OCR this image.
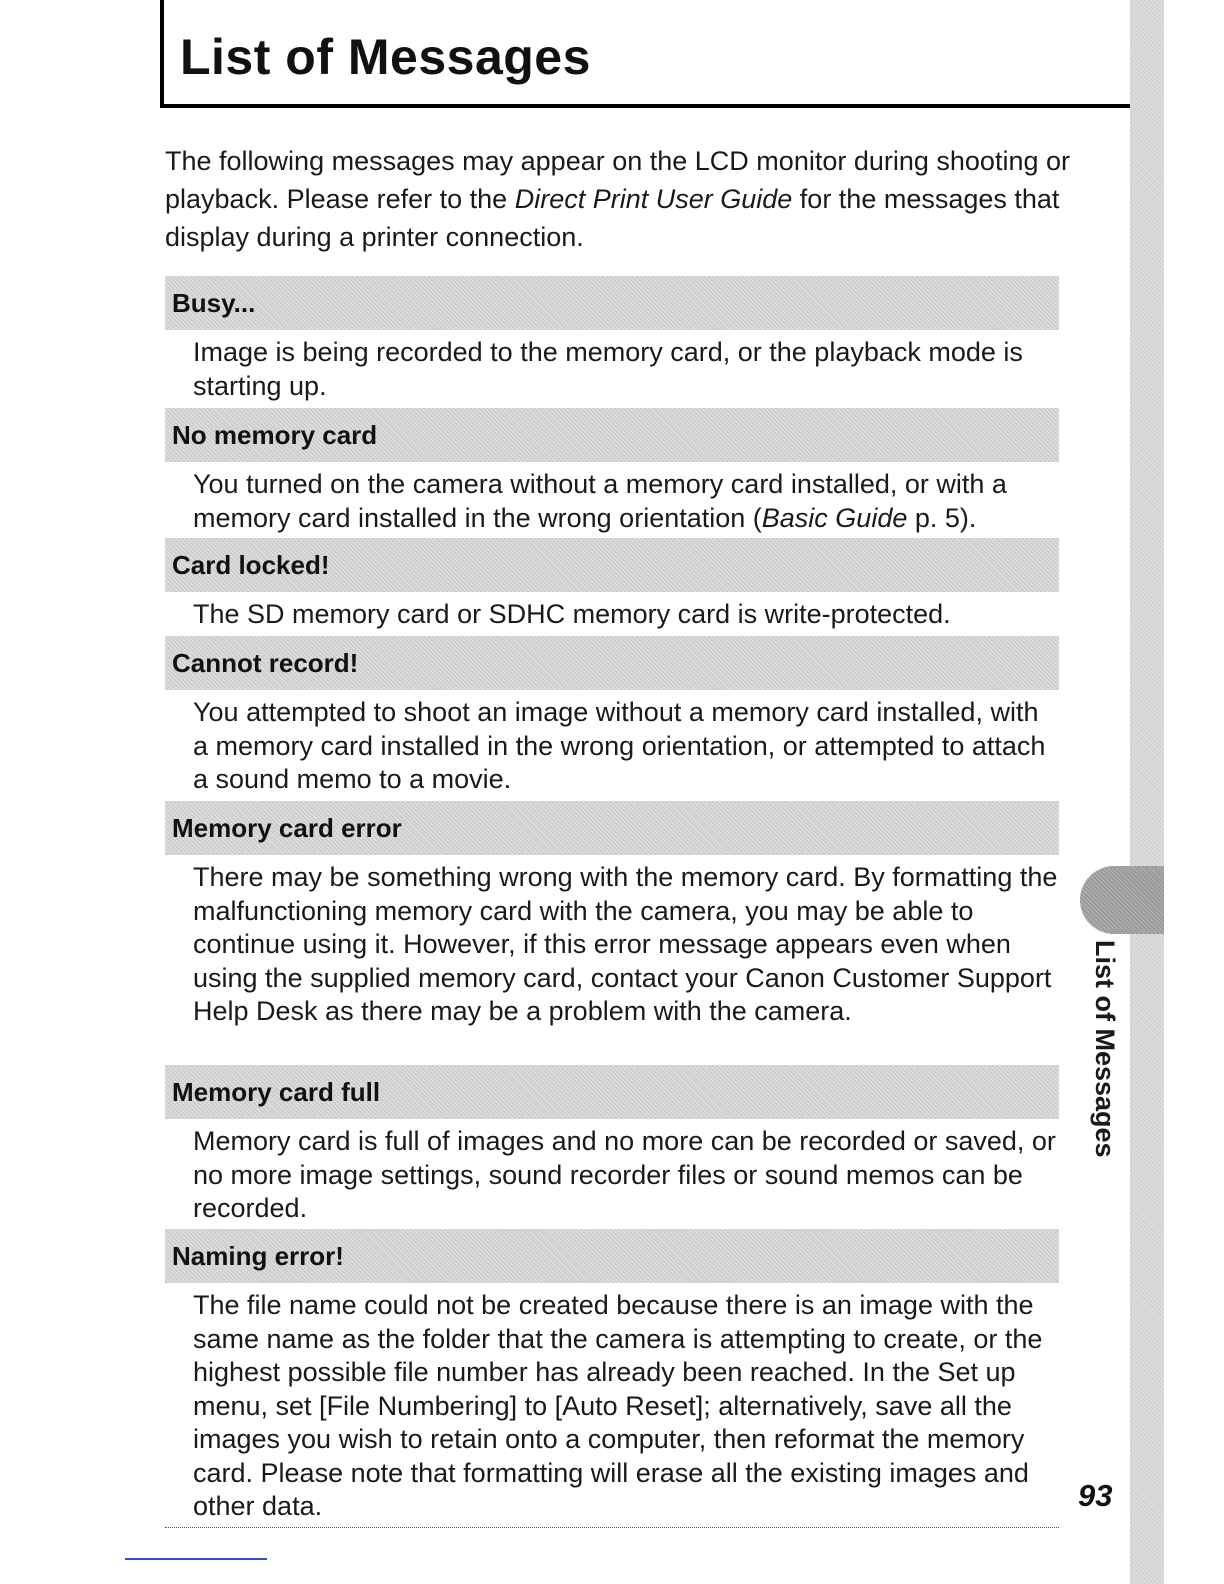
List of Messages
List of Messages

The following messages may appear on the LCD monitor during shooting or playback. Please refer to the Direct Print User Guide for the messages that display during a printer connection.

Busy...
Image is being recorded to the memory card, or the playback mode is starting up.
No memory card
You turned on the camera without a memory card installed, or with a memory card installed in the wrong orientation (Basic Guide p. 5).
Card locked!
The SD memory card or SDHC memory card is write-protected.
Cannot record!
You attempted to shoot an image without a memory card installed, with a memory card installed in the wrong orientation, or attempted to attach a sound memo to a movie.
Memory card error
There may be something wrong with the memory card. By formatting the malfunctioning memory card with the camera, you may be able to continue using it. However, if this error message appears even when using the supplied memory card, contact your Canon Customer Support Help Desk as there may be a problem with the camera.
Memory card full
Memory card is full of images and no more can be recorded or saved, or no more image settings, sound recorder files or sound memos can be recorded.
Naming error!
The file name could not be created because there is an image with the same name as the folder that the camera is attempting to create, or the highest possible file number has already been reached. In the Set up menu, set [File Numbering] to [Auto Reset]; alternatively, save all the images you wish to retain onto a computer, then reformat the memory card. Please note that formatting will erase all the existing images and other data.	93
